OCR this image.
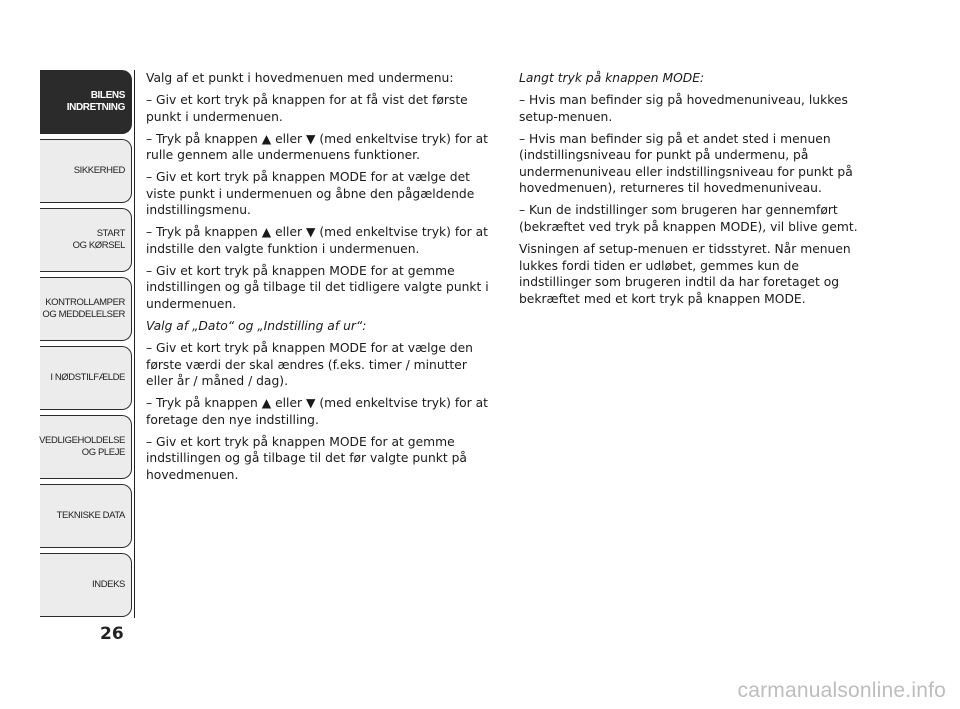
BILENS
INDRETNING
SIKKERHED
START
OG KØRSEL
KONTROLLAMPER
OG MEDDELELSER
I NØDSTILFÆLDE
VEDLIGEHOLDELSE
OG PLEJE
TEKNISKE DATA
INDEKS
26

Valg af et punkt i hovedmenuen med undermenu:

– Giv et kort tryk på knappen for at få vist det første punkt i undermenuen.

– Tryk på knappen ▲ eller ▼ (med enkeltvise tryk) for at rulle gennem alle undermenuens funktioner.

– Giv et kort tryk på knappen MODE for at vælge det viste punkt i undermenuen og åbne den pågældende indstillingsmenu.

– Tryk på knappen ▲ eller ▼ (med enkeltvise tryk) for at indstille den valgte funktion i undermenuen.

– Giv et kort tryk på knappen MODE for at gemme indstillingen og gå tilbage til det tidligere valgte punkt i undermenuen.

Valg af „Dato“ og „Indstilling af ur“:

– Giv et kort tryk på knappen MODE for at vælge den første værdi der skal ændres (f.eks. timer / minutter eller år / måned / dag).

– Tryk på knappen ▲ eller ▼ (med enkeltvise tryk) for at foretage den nye indstilling.

– Giv et kort tryk på knappen MODE for at gemme indstillingen og gå tilbage til det før valgte punkt på hovedmenuen.

Langt tryk på knappen MODE:

– Hvis man befinder sig på hovedmenuniveau, lukkes setup-menuen.

– Hvis man befinder sig på et andet sted i menuen (indstillingsniveau for punkt på undermenu, på undermenuniveau eller indstillingsniveau for punkt på hovedmenuen), returneres til hovedmenuniveau.

– Kun de indstillinger som brugeren har gennemført (bekræftet ved tryk på knappen MODE), vil blive gemt.

Visningen af setup-menuen er tidsstyret. Når menuen lukkes fordi tiden er udløbet, gemmes kun de indstillinger som brugeren indtil da har foretaget og bekræftet med et kort tryk på knappen MODE.

carmanualsonline.info
